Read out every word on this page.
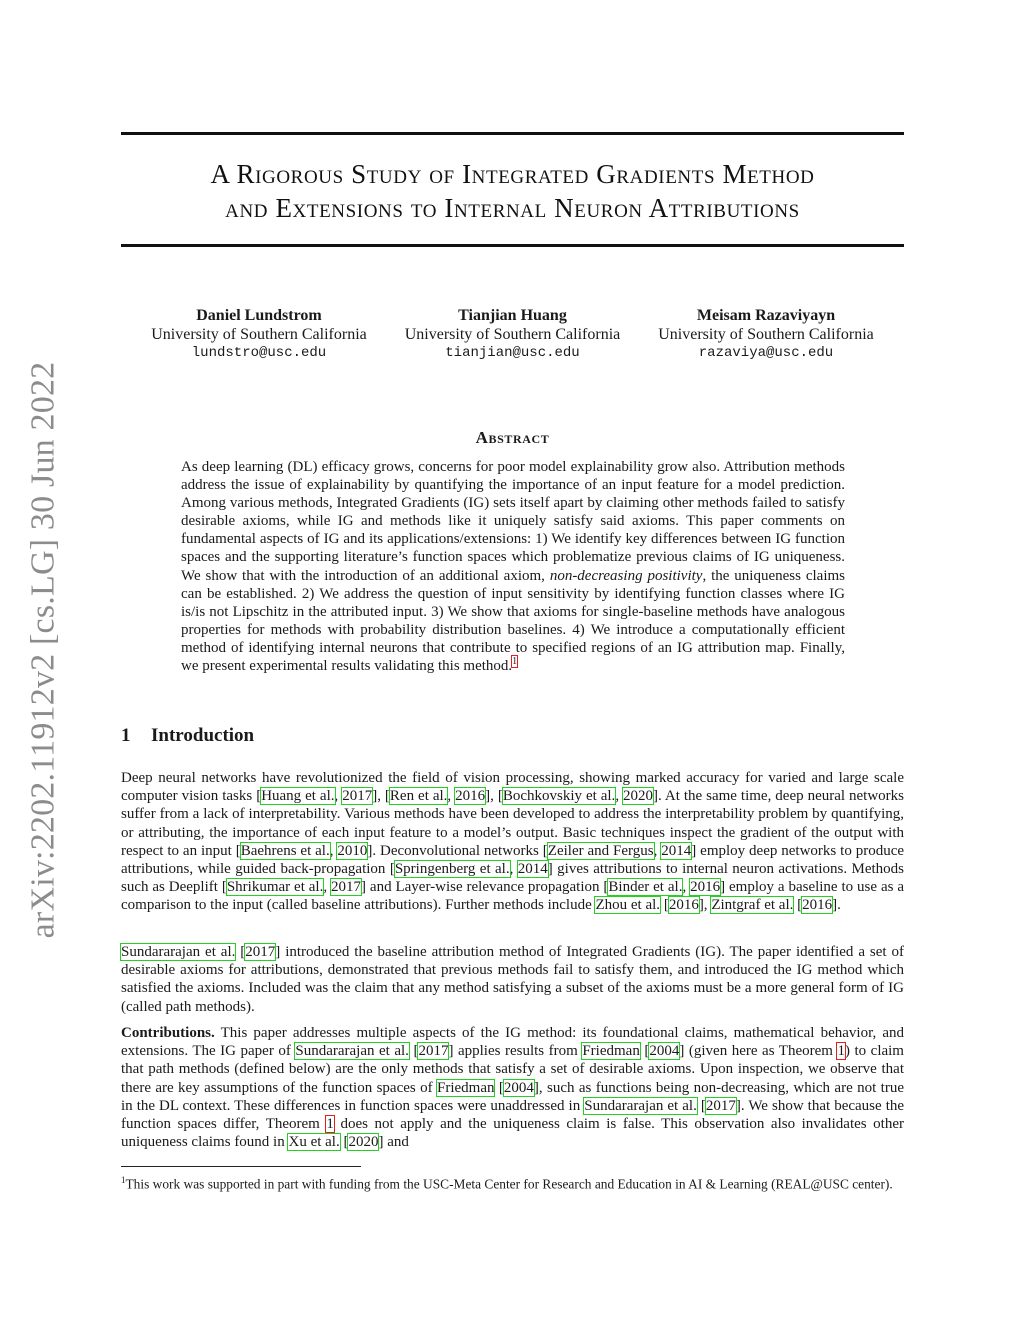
arXiv:2202.11912v2 [cs.LG] 30 Jun 2022
A Rigorous Study of Integrated Gradients Method
and Extensions to Internal Neuron Attributions
Daniel Lundstrom
University of Southern California
lundstro@usc.edu
Tianjian Huang
University of Southern California
tianjian@usc.edu
Meisam Razaviyayn
University of Southern California
razaviya@usc.edu
Abstract
As deep learning (DL) efficacy grows, concerns for poor model explainability grow also. Attribution methods address the issue of explainability by quantifying the importance of an input feature for a model prediction. Among various methods, Integrated Gradients (IG) sets itself apart by claiming other methods failed to satisfy desirable axioms, while IG and methods like it uniquely satisfy said axioms. This paper comments on fundamental aspects of IG and its applications/extensions: 1) We identify key differences between IG function spaces and the supporting literature’s function spaces which problematize previous claims of IG uniqueness. We show that with the introduction of an additional axiom, non-decreasing positivity, the uniqueness claims can be established. 2) We address the question of input sensitivity by identifying function classes where IG is/is not Lipschitz in the attributed input. 3) We show that axioms for single-baseline methods have analogous properties for methods with probability distribution baselines. 4) We introduce a computationally efficient method of identifying internal neurons that contribute to specified regions of an IG attribution map. Finally, we present experimental results validating this method.$^1$
1 Introduction
Deep neural networks have revolutionized the field of vision processing, showing marked accuracy for varied and large scale computer vision tasks [Huang et al., 2017], [Ren et al., 2016], [Bochkovskiy et al., 2020]. At the same time, deep neural networks suffer from a lack of interpretability. Various methods have been developed to address the interpretability problem by quantifying, or attributing, the importance of each input feature to a model’s output. Basic techniques inspect the gradient of the output with respect to an input [Baehrens et al., 2010]. Deconvolutional networks [Zeiler and Fergus, 2014] employ deep networks to produce attributions, while guided back-propagation [Springenberg et al., 2014] gives attributions to internal neuron activations. Methods such as Deeplift [Shrikumar et al., 2017] and Layer-wise relevance propagation [Binder et al., 2016] employ a baseline to use as a comparison to the input (called baseline attributions). Further methods include Zhou et al. [2016], Zintgraf et al. [2016].
Sundararajan et al. [2017] introduced the baseline attribution method of Integrated Gradients (IG). The paper identified a set of desirable axioms for attributions, demonstrated that previous methods fail to satisfy them, and introduced the IG method which satisfied the axioms. Included was the claim that any method satisfying a subset of the axioms must be a more general form of IG (called path methods).
Contributions. This paper addresses multiple aspects of the IG method: its foundational claims, mathematical behavior, and extensions. The IG paper of Sundararajan et al. [2017] applies results from Friedman [2004] (given here as Theorem 1) to claim that path methods (defined below) are the only methods that satisfy a set of desirable axioms. Upon inspection, we observe that there are key assumptions of the function spaces of Friedman [2004], such as functions being non-decreasing, which are not true in the DL context. These differences in function spaces were unaddressed in Sundararajan et al. [2017]. We show that because the function spaces differ, Theorem 1 does not apply and the uniqueness claim is false. This observation also invalidates other uniqueness claims found in Xu et al. [2020] and
$^1$This work was supported in part with funding from the USC-Meta Center for Research and Education in AI & Learning (REAL@USC center).
